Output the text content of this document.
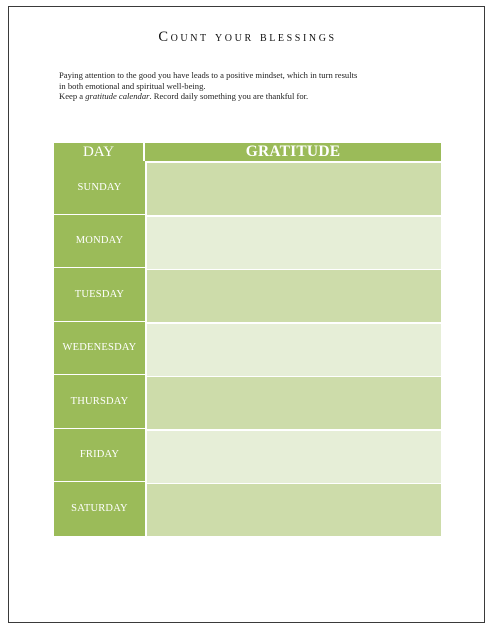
Count your blessings

Paying attention to the good you have leads to a positive mindset, which in turn results

in both emotional and spiritual well-being.

Keep a gratitude calendar. Record daily something you are thankful for.

DAY	GRATITUDE
SUNDAY
MONDAY
TUESDAY
WEDENESDAY
THURSDAY
FRIDAY
SATURDAY
